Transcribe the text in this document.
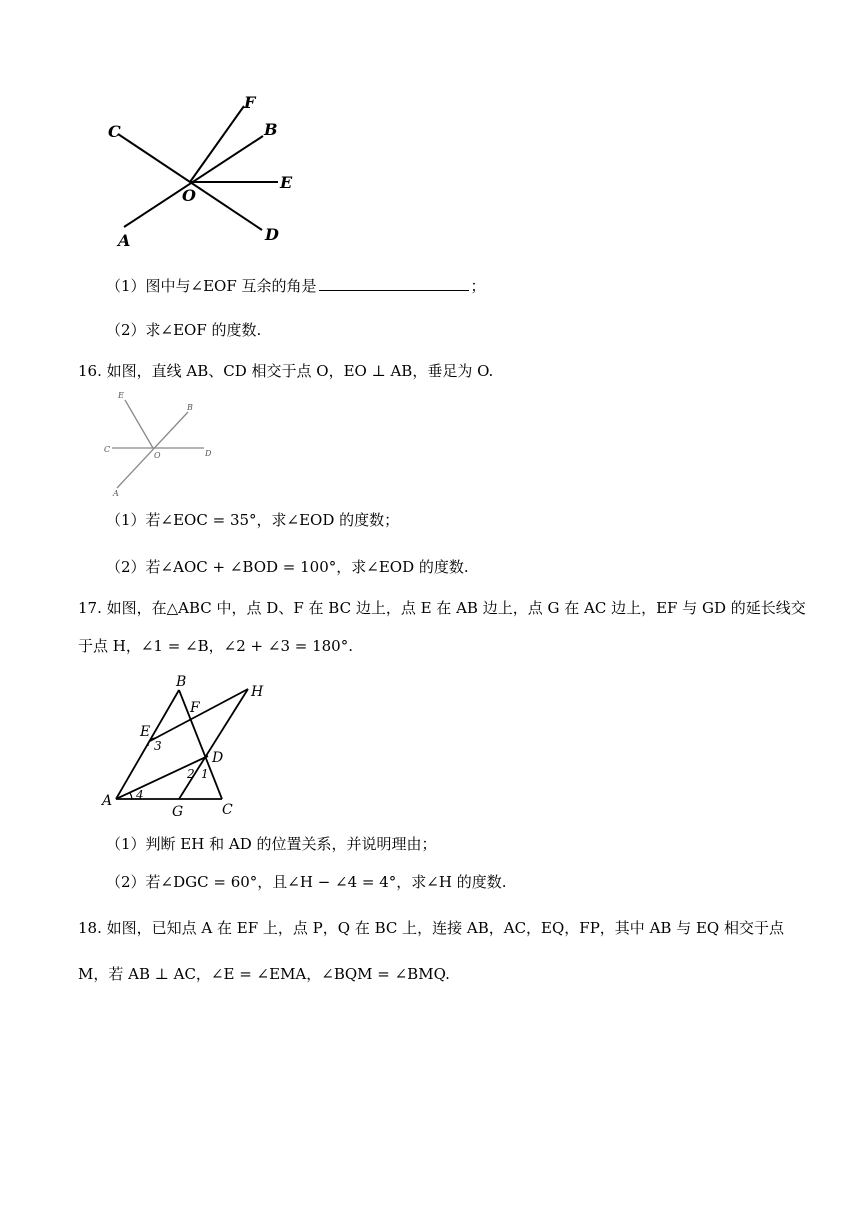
F
C	B
E
O
A	D
（1）图中与∠EOF 互余的角是	；
（2）求∠EOF 的度数.
16. 如图，直线 AB、CD 相交于点 O，EO ⊥ AB，垂足为 O.
E
B
C
O	D
A
（1）若∠EOC = 35°，求∠EOD 的度数；
（2）若∠AOC + ∠BOD = 100°，求∠EOD 的度数.
17. 如图，在△ABC 中，点 D、F 在 BC 边上，点 E 在 AB 边上，点 G 在 AC 边上，EF 与 GD 的延长线交
于点 H，∠1 = ∠B，∠2 + ∠3 = 180°.
B
H
F
E
D
A
G	C
3
2 1
4
（1）判断 EH 和 AD 的位置关系，并说明理由；
（2）若∠DGC = 60°，且∠H − ∠4 = 4°，求∠H 的度数.
18. 如图，已知点 A 在 EF 上，点 P，Q 在 BC 上，连接 AB，AC，EQ，FP，其中 AB 与 EQ 相交于点
M，若 AB ⊥ AC，∠E = ∠EMA，∠BQM = ∠BMQ.
